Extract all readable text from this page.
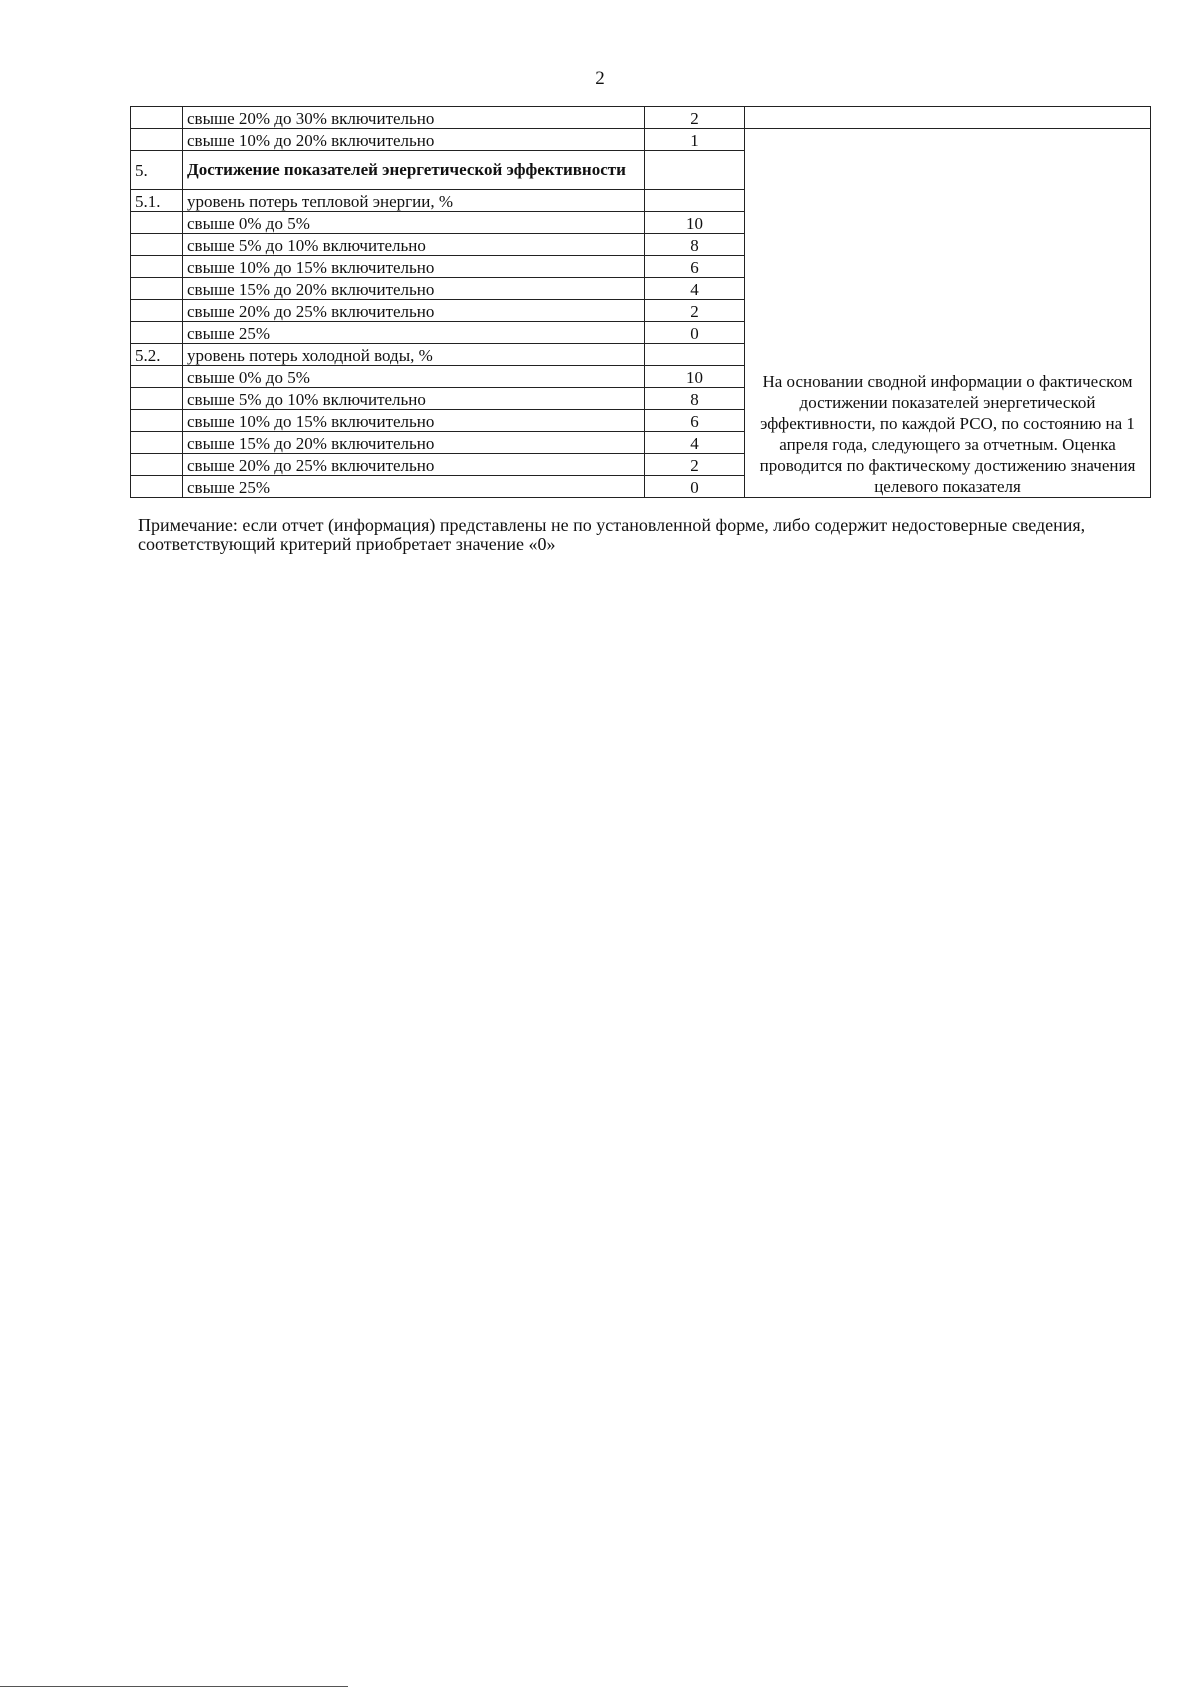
2
	свыше 20% до 30% включительно	2	
	свыше 10% до 20% включительно	1	На основании сводной информации о фактическом достижении показателей энергетической эффективности, по каждой РСО, по состоянию на 1 апреля года, следующего за отчетным. Оценка проводится по фактическому достижению значения целевого показателя
5.	Достижение показателей энергетической эффективности		
5.1.	уровень потерь тепловой энергии, %		
	свыше 0% до 5%	10	
	свыше 5% до 10% включительно	8	
	свыше 10% до 15% включительно	6	
	свыше 15% до 20% включительно	4	
	свыше 20% до 25% включительно	2	
	свыше 25%	0	
5.2.	уровень потерь холодной воды, %		
	свыше 0% до 5%	10	
	свыше 5% до 10% включительно	8	
	свыше 10% до 15% включительно	6	
	свыше 15% до 20% включительно	4	
	свыше 20% до 25% включительно	2	
	свыше 25%	0	
Примечание: если отчет (информация) представлены не по установленной форме, либо содержит недостоверные сведения, соответствующий критерий приобретает значение «0»
